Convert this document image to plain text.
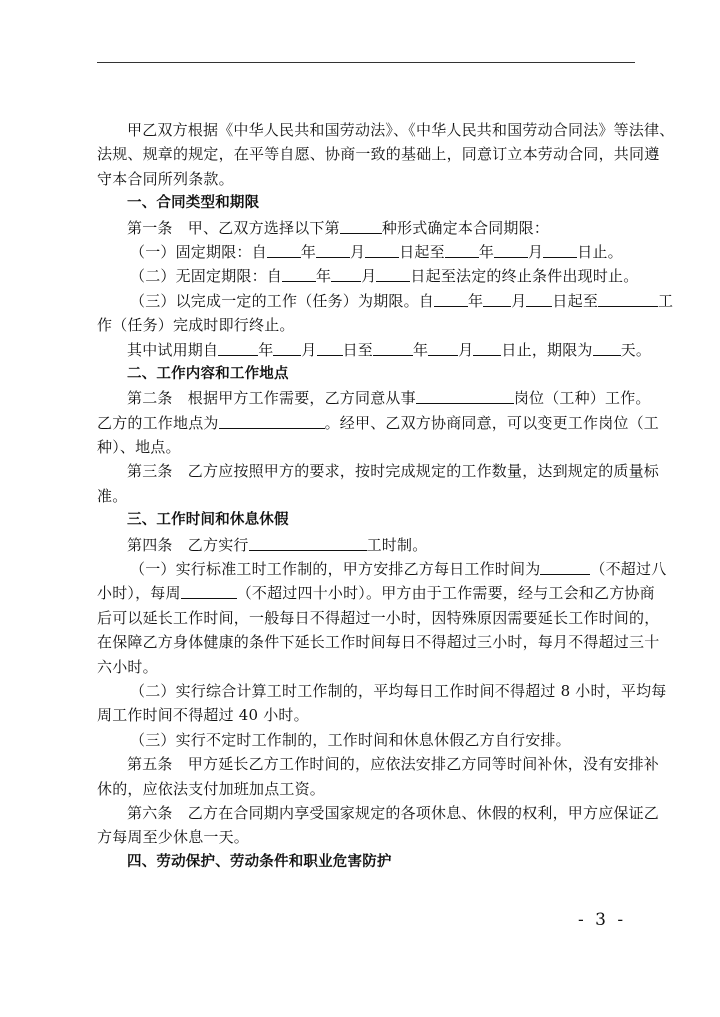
甲乙双方根据《中华人民共和国劳动法》、《中华人民共和国劳动合同法》等法律、
法规、规章的规定，在平等自愿、协商一致的基础上，同意订立本劳动合同，共同遵
守本合同所列条款。
一、合同类型和期限
第一条　甲、乙双方选择以下第	种形式确定本合同期限：
（一）固定期限：自 年 月 日起至 年 月 日止。
（二）无固定期限：自 年 月 日起至法定的终止条件出现时止。
（三）以完成一定的工作（任务）为期限。自 年 月 日起至	工
作（任务）完成时即行终止。
其中试用期自	年 月 日至	年 月 日止，期限为 天。
二、工作内容和工作地点
第二条　根据甲方工作需要，乙方同意从事	岗位（工种）工作。
乙方的工作地点为	。经甲、乙双方协商同意，可以变更工作岗位（工
种）、地点。
第三条　乙方应按照甲方的要求，按时完成规定的工作数量，达到规定的质量标
准。
三、工作时间和休息休假
第四条　乙方实行	工时制。
（一）实行标准工时工作制的，甲方安排乙方每日工作时间为	（不超过八
小时），每周	（不超过四十小时）。甲方由于工作需要，经与工会和乙方协商
后可以延长工作时间，一般每日不得超过一小时，因特殊原因需要延长工作时间的，
在保障乙方身体健康的条件下延长工作时间每日不得超过三小时，每月不得超过三十
六小时。
（二）实行综合计算工时工作制的，平均每日工作时间不得超过 8 小时，平均每
周工作时间不得超过 40 小时。
（三）实行不定时工作制的，工作时间和休息休假乙方自行安排。
第五条　甲方延长乙方工作时间的，应依法安排乙方同等时间补休，没有安排补
休的，应依法支付加班加点工资。
第六条　乙方在合同期内享受国家规定的各项休息、休假的权利，甲方应保证乙
方每周至少休息一天。
四、劳动保护、劳动条件和职业危害防护
- 3 -
